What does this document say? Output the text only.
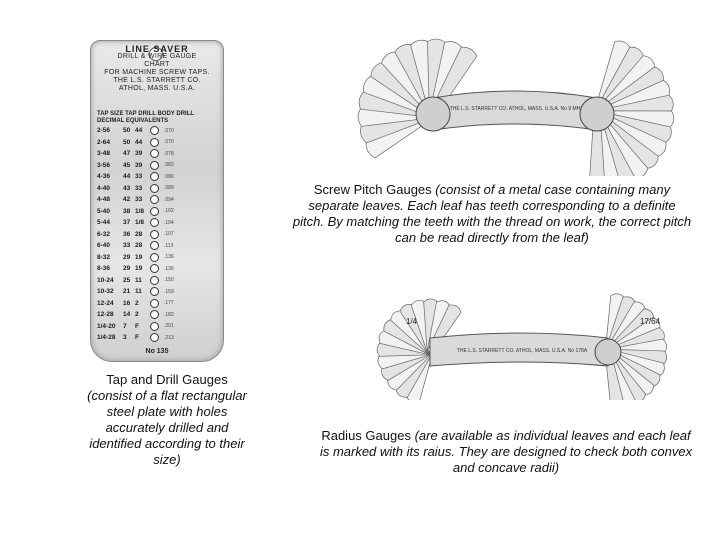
LINE SAVER
DRILL & WIRE GAUGE
CHART
FOR MACHINE SCREW TAPS.
THE L.S. STARRETT CO.
ATHOL, MASS. U.S.A.
TAP SIZE TAP DRILL BODY DRILL
DECIMAL EQUIVALENTS
2-56	50 44	.070
2-64	50 44	.070
3-48	47 39	.078
3-56	45 39	.082
4-36	44 33	.086
4-40	43 33	.089
4-48	42 33	.094
5-40	38 1/8	.102
5-44	37 1/8	.104
6-32	36 28	.107
6-40	33 28	.113
8-32	29 19	.136
8-36	29 19	.136
10-24	25 11	.150
10-32	21 11	.159
12-24	16 2	.177
12-28	14 2	.182
1/4-20	7	F	.201
1/4-28	3	F	.213
No 135
THE L.S. STARRETT CO. ATHOL, MASS. U.S.A. No 9 MH
THE L.S. STARRETT CO. ATHOL, MASS. U.S.A. No 178A
1/4	17/64
Tap and Drill Gauges
(consist of a flat rectangular steel plate with holes accurately drilled and identified according to their size)
Screw Pitch Gauges (consist of a metal case containing many separate leaves. Each leaf has teeth corresponding to a definite pitch. By matching the teeth with the thread on work, the correct pitch can be read directly from the leaf)
Radius Gauges (are available as individual leaves and each leaf is marked with its raius. They are designed to check both convex and concave radii)
